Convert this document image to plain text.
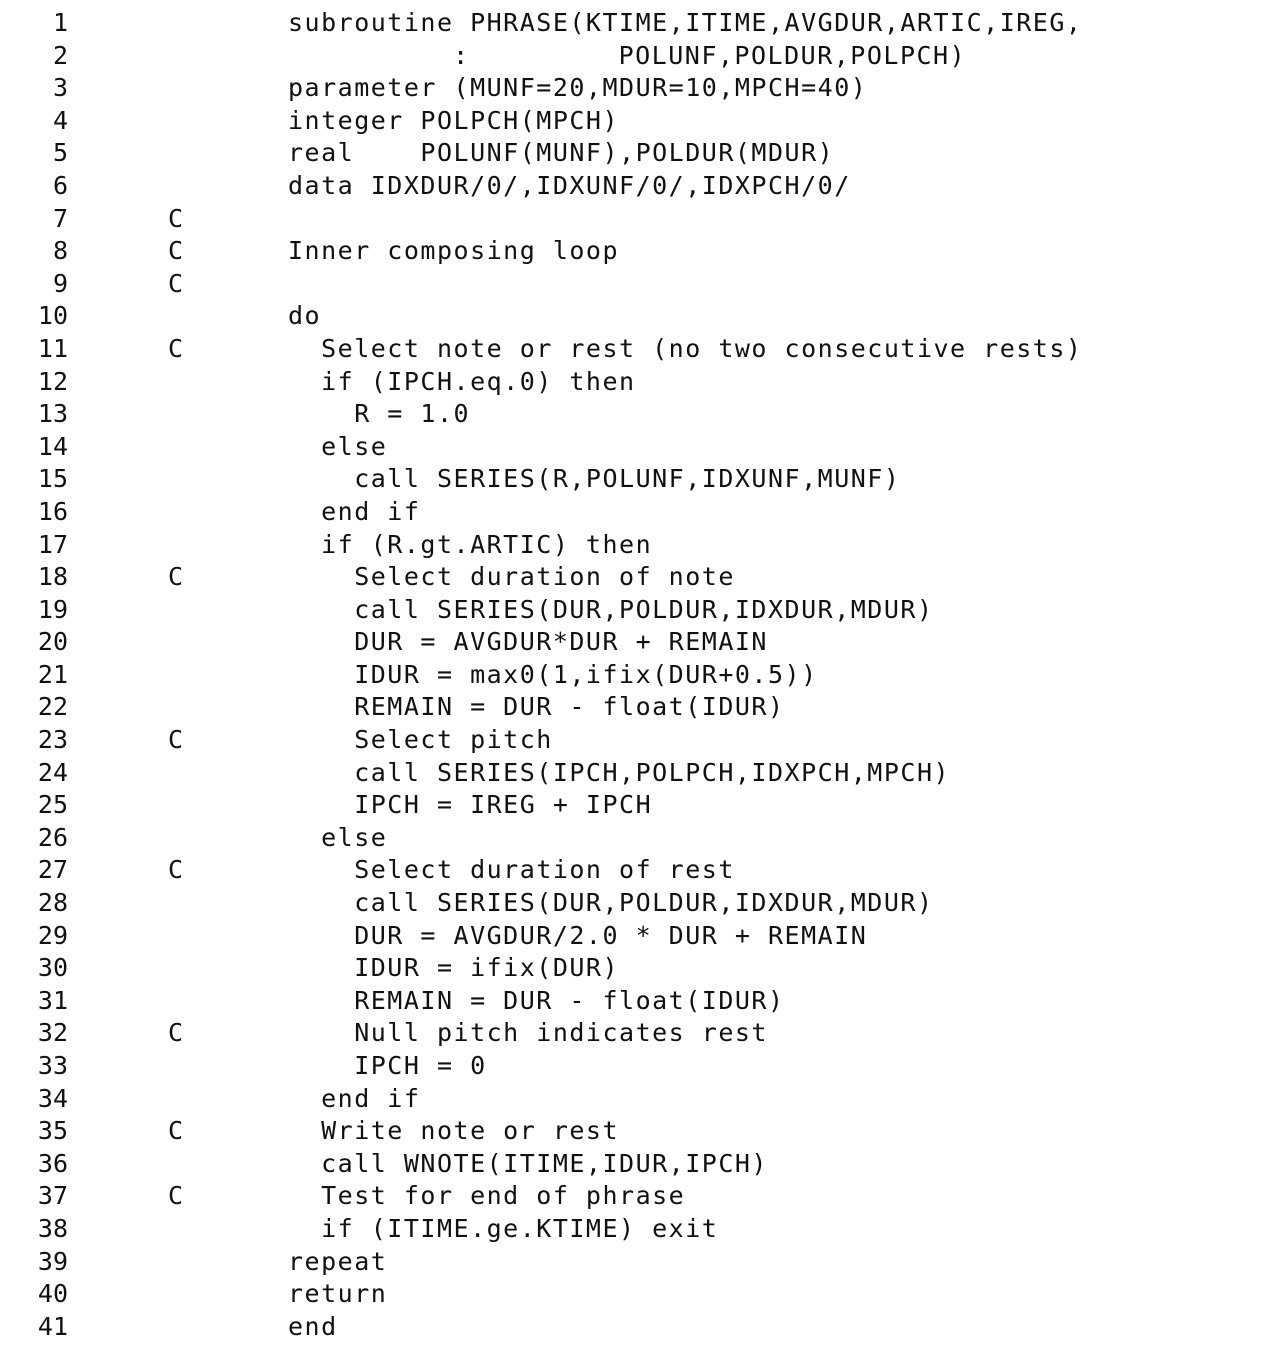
1	subroutine PHRASE(KTIME,ITIME,AVGDUR,ARTIC,IREG,
2	:         POLUNF,POLDUR,POLPCH)
3	parameter (MUNF=20,MDUR=10,MPCH=40)
4	integer POLPCH(MPCH)
5	real    POLUNF(MUNF),POLDUR(MDUR)
6	data IDXDUR/0/,IDXUNF/0/,IDXPCH/0/
7	C
8	C	Inner composing loop
9	C
10	do
11	C	Select note or rest (no two consecutive rests)
12	if (IPCH.eq.0) then
13	R = 1.0
14	else
15	call SERIES(R,POLUNF,IDXUNF,MUNF)
16	end if
17	if (R.gt.ARTIC) then
18	C	Select duration of note
19	call SERIES(DUR,POLDUR,IDXDUR,MDUR)
20	DUR = AVGDUR*DUR + REMAIN
21	IDUR = max0(1,ifix(DUR+0.5))
22	REMAIN = DUR - float(IDUR)
23	C	Select pitch
24	call SERIES(IPCH,POLPCH,IDXPCH,MPCH)
25	IPCH = IREG + IPCH
26	else
27	C	Select duration of rest
28	call SERIES(DUR,POLDUR,IDXDUR,MDUR)
29	DUR = AVGDUR/2.0 * DUR + REMAIN
30	IDUR = ifix(DUR)
31	REMAIN = DUR - float(IDUR)
32	C	Null pitch indicates rest
33	IPCH = 0
34	end if
35	C	Write note or rest
36	call WNOTE(ITIME,IDUR,IPCH)
37	C	Test for end of phrase
38	if (ITIME.ge.KTIME) exit
39	repeat
40	return
41	end
